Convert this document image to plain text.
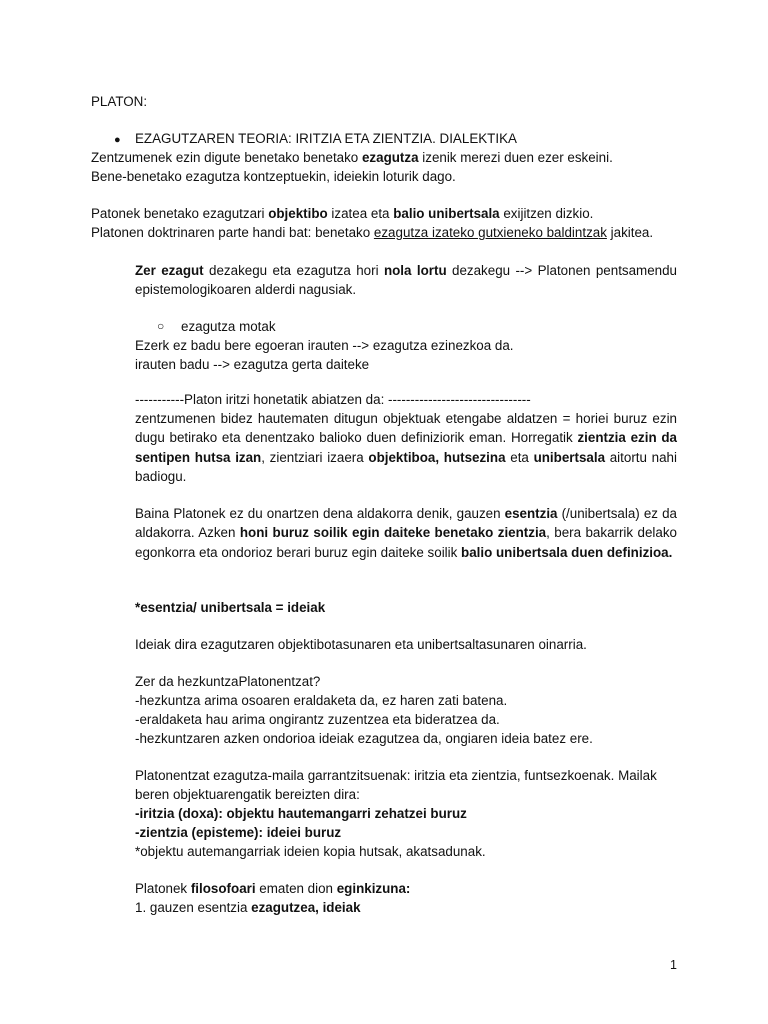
PLATON:
● EZAGUTZAREN TEORIA: IRITZIA ETA ZIENTZIA. DIALEKTIKA
Zentzumenek ezin digute benetako benetako ezagutza izenik merezi duen ezer eskeini.
Bene-benetako ezagutza kontzeptuekin, ideiekin loturik dago.
Patonek benetako ezagutzari objektibo izatea eta balio unibertsala exijitzen dizkio.
Platonen doktrinaren parte handi bat: benetako ezagutza izateko gutxieneko baldintzak jakitea.
Zer ezagut dezakegu eta ezagutza hori nola lortu dezakegu --> Platonen pentsamendu epistemologikoaren alderdi nagusiak.
○ ezagutza motak
Ezerk ez badu bere egoeran irauten --> ezagutza ezinezkoa da.
irauten badu --> ezagutza gerta daiteke
-----------Platon iritzi honetatik abiatzen da: --------------------------------
zentzumenen bidez hautematen ditugun objektuak etengabe aldatzen = horiei buruz ezin dugu betirako eta denentzako balioko duen definiziorik eman. Horregatik zientzia ezin da sentipen hutsa izan, zientziari izaera objektiboa, hutsezina eta unibertsala aitortu nahi badiogu.
Baina Platonek ez du onartzen dena aldakorra denik, gauzen esentzia (/unibertsala) ez da aldakorra. Azken honi buruz soilik egin daiteke benetako zientzia, bera bakarrik delako egonkorra eta ondorioz berari buruz egin daiteke soilik balio unibertsala duen definizioa.
*esentzia/ unibertsala = ideiak
Ideiak dira ezagutzaren objektibotasunaren eta unibertsaltasunaren oinarria.
Zer da hezkuntzaPlatonentzat?
-hezkuntza arima osoaren eraldaketa da, ez haren zati batena.
-eraldaketa hau arima ongirantz zuzentzea eta bideratzea da.
-hezkuntzaren azken ondorioa ideiak ezagutzea da, ongiaren ideia batez ere.
Platonentzat ezagutza-maila garrantzitsuenak: iritzia eta zientzia, funtsezkoenak. Mailak
beren objektuarengatik bereizten dira:
-iritzia (doxa): objektu hautemangarri zehatzei buruz
-zientzia (episteme): ideiei buruz
*objektu autemangarriak ideien kopia hutsak, akatsadunak.
Platonek filosofoari ematen dion eginkizuna:
1. gauzen esentzia ezagutzea, ideiak
1
